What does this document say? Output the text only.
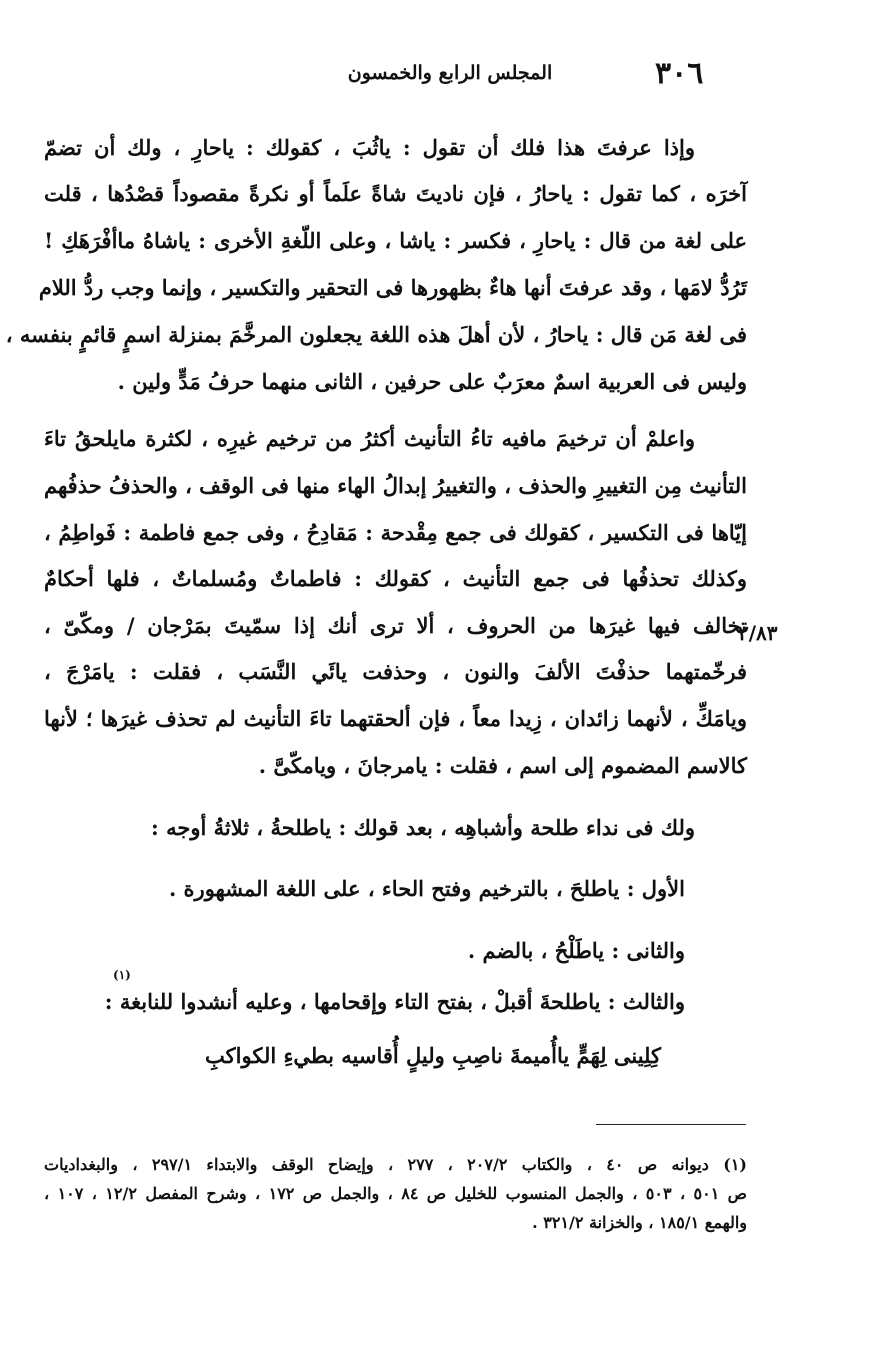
٣٠٦
المجلس الرابع والخمسون
وإذا عرفتَ هذا فلك أن تقول : ياثُبَ ، كقولك : ياحارِ ، ولك أن تضمّ
آخرَه ، كما تقول : ياحارُ ، فإن ناديتَ شاةً علَماً أو نكرةً مقصوداً قصْدُها ، قلت
على لغة من قال : ياحارِ ، فكسر : ياشا ، وعلى اللّغةِ الأخرى : ياشاهُ ماأفْرَهَكِ !
تَرُدُّ لامَها ، وقد عرفتَ أنها هاءٌ بظهورها فى التحقير والتكسير ، وإنما وجب ردُّ اللام
فى لغة مَن قال : ياحارُ ، لأن أهلَ هذه اللغة يجعلون المرخَّمَ بمنزلة اسمٍ قائمٍ بنفسه ،
وليس فى العربية اسمٌ معرَبٌ على حرفين ، الثانى منهما حرفُ مَدٍّ ولين .
واعلمْ أن ترخيمَ مافيه تاءُ التأنيث أكثرُ من ترخيم غيرِه ، لكثرة مايلحقُ تاءَ
التأنيث مِن التغييرِ والحذف ، والتغييرُ إبدالُ الهاء منها فى الوقف ، والحذفُ حذفُهم
إيّاها فى التكسير ، كقولك فى جمع مِقْدحة : مَقادِحُ ، وفى جمع فاطمة : فَواطِمُ ،
وكذلك تحذفُها فى جمع التأنيث ، كقولك : فاطماتٌ ومُسلماتٌ ، فلها أحكامٌ
تخالف فيها غيرَها من الحروف ، ألا ترى أنك إذا سمّيتَ بمَرْجان / ومكّىّ ،
فرخّمتهما حذفْتَ الألفَ والنون ، وحذفت يائَي النَّسَب ، فقلت : يامَرْجَ ،
ويامَكِّ ، لأنهما زائدان ، زِيدا معاً ، فإن ألحقتهما تاءَ التأنيث لم تحذف غيرَها ؛ لأنها
كالاسم المضموم إلى اسم ، فقلت : يامرجانَ ، ويامكّىَّ .
ولك فى نداء طلحة وأشباهِه ، بعد قولك : ياطلحةُ ، ثلاثةُ أوجه :
الأول : ياطلحَ ، بالترخيم وفتح الحاء ، على اللغة المشهورة .
والثانى : ياطَلْحُ ، بالضم .
والثالث : ياطلحةَ أقبلْ ، بفتح التاء وإقحامها ، وعليه أنشدوا للنابغة :
كِلِينى لِهَمٍّ ياأُميمةَ ناصِبِ وليلٍ أُقاسيه بطيءِ الكواكبِ
٢/٨٣
(١)
(١) ديوانه ص ٤٠ ، والكتاب ٢٠٧/٢ ، ٢٧٧ ، وإيضاح الوقف والابتداء ٢٩٧/١ ، والبغداديات
ص ٥٠١ ، ٥٠٣ ، والجمل المنسوب للخليل ص ٨٤ ، والجمل ص ١٧٢ ، وشرح المفصل ١٢/٢ ، ١٠٧ ،
والهمع ١٨٥/١ ، والخزانة ٣٢١/٢ .
